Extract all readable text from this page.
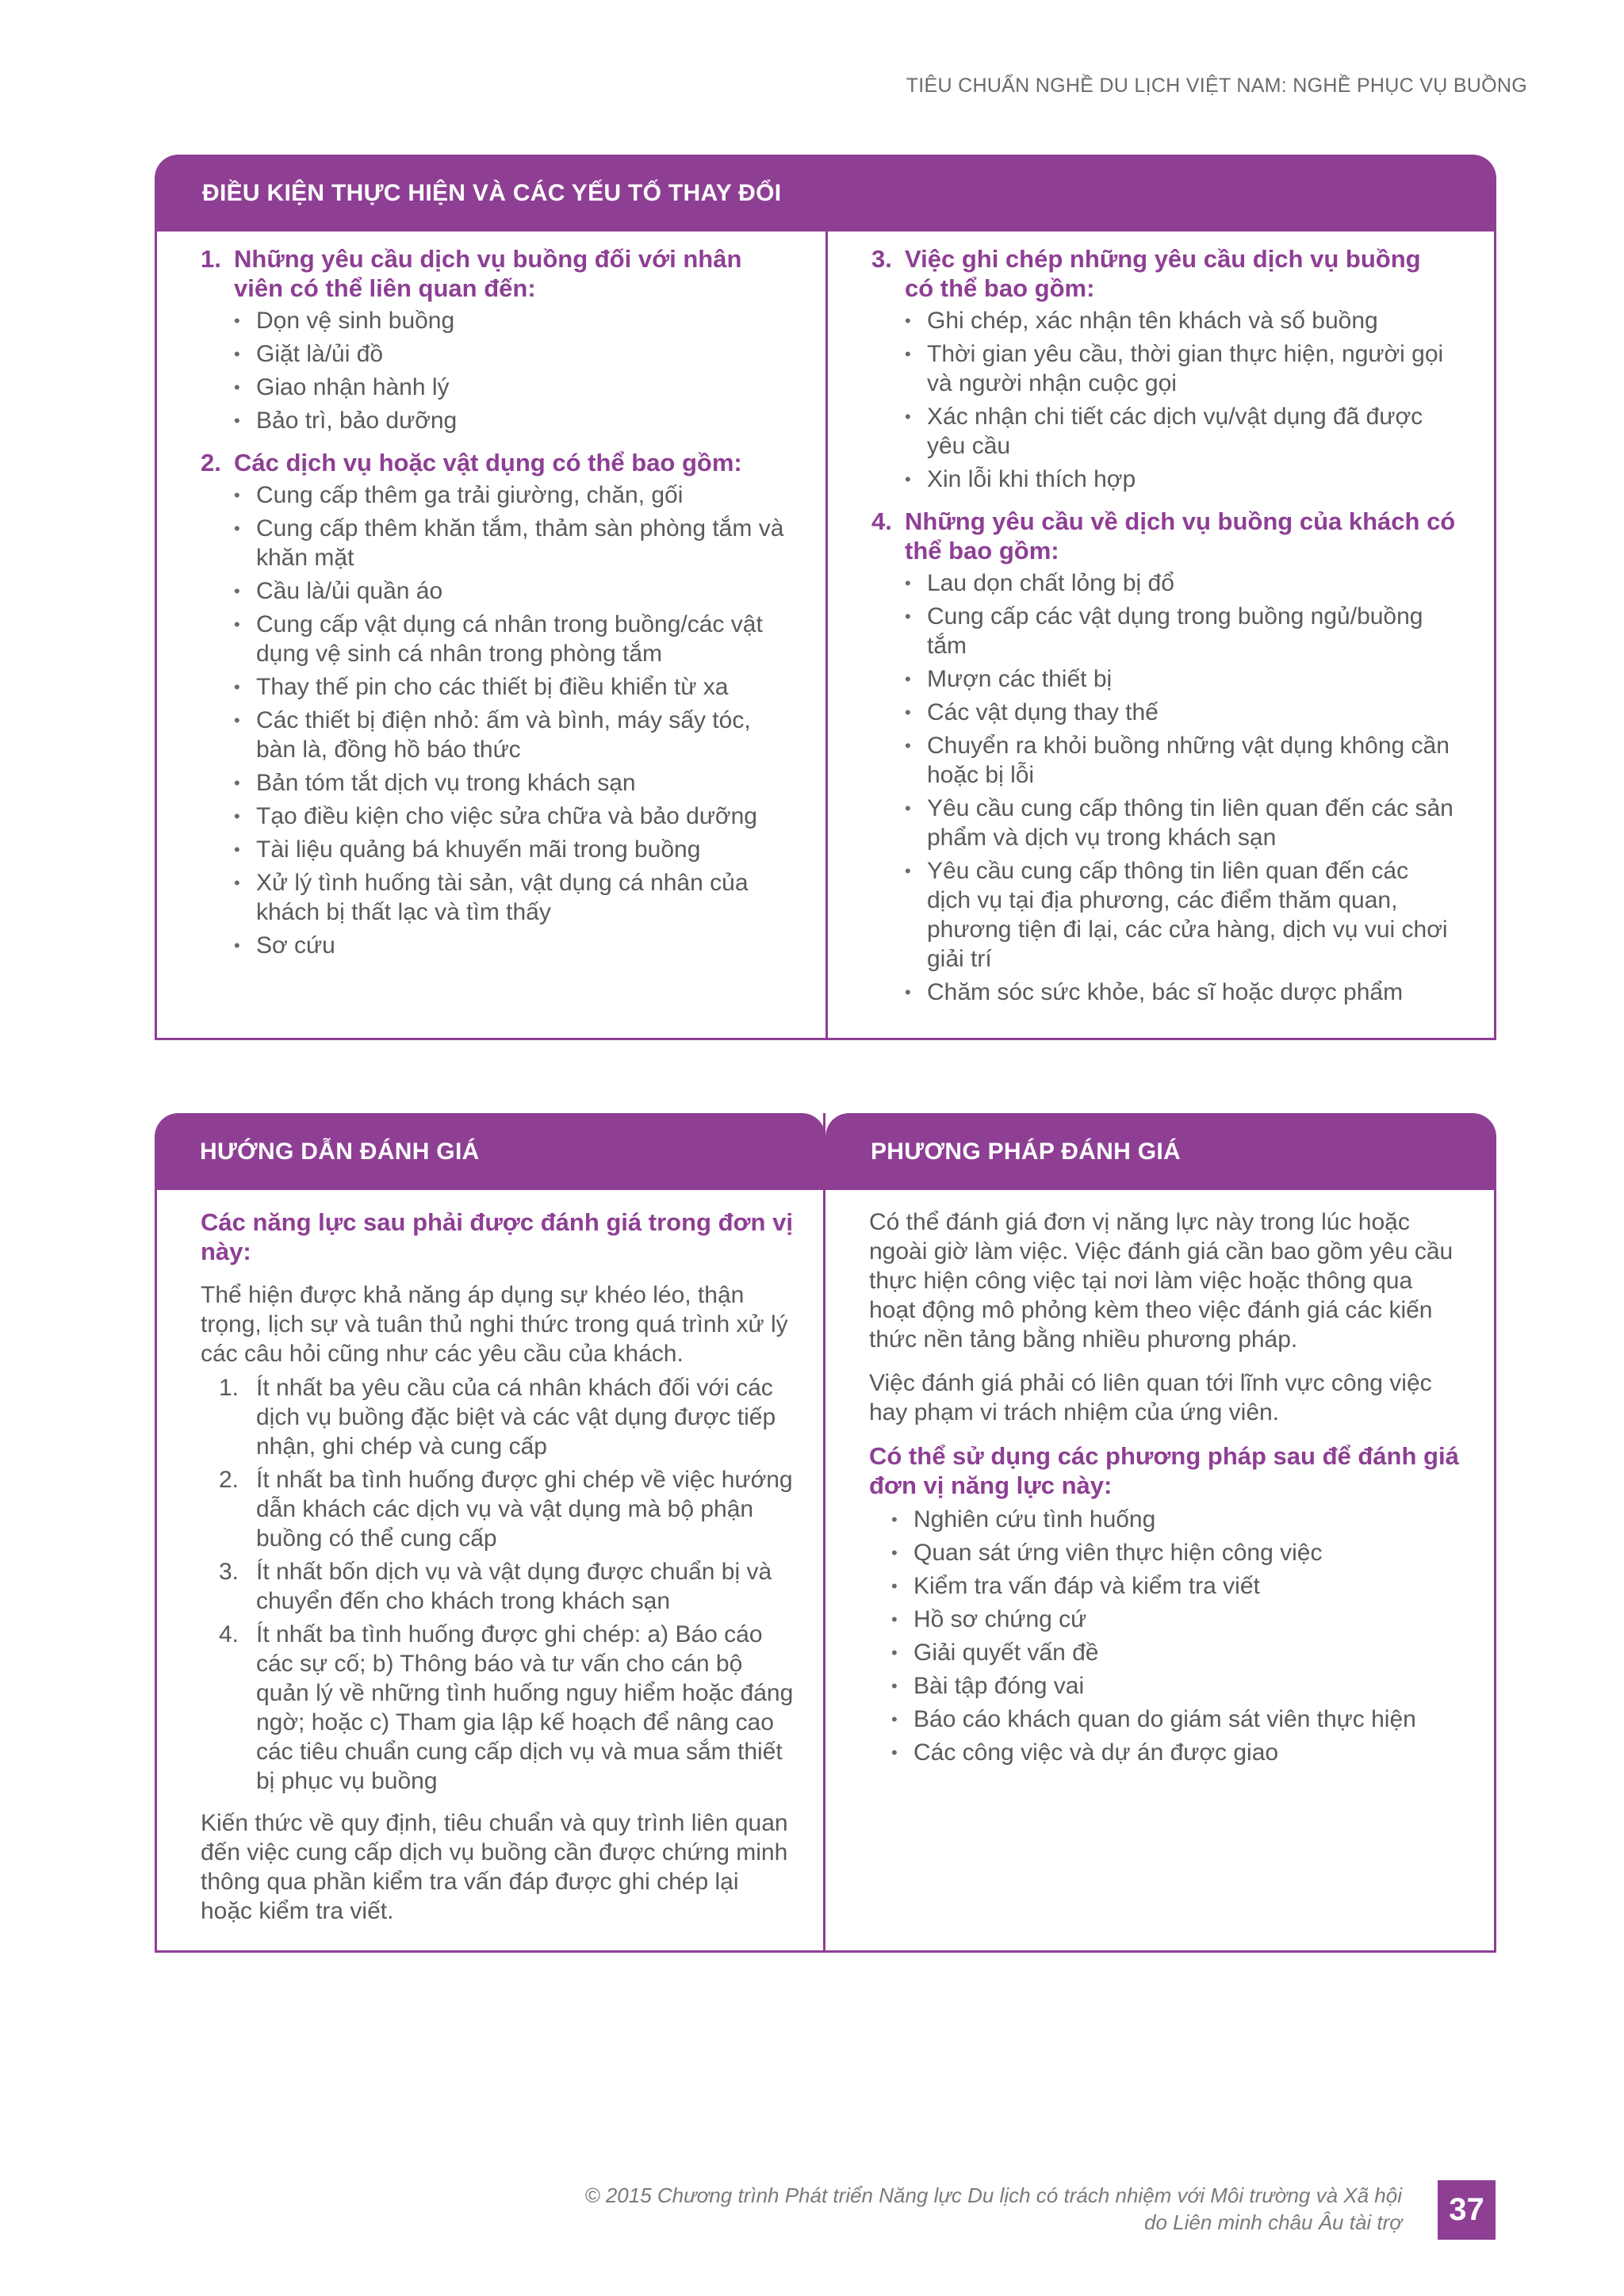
TIÊU CHUẨN NGHỀ DU LỊCH VIỆT NAM: NGHỀ PHỤC VỤ BUỒNG
ĐIỀU KIỆN THỰC HIỆN VÀ CÁC YẾU TỐ THAY ĐỔI
1. Những yêu cầu dịch vụ buồng đối với nhân viên có thể liên quan đến:
• Dọn vệ sinh buồng
• Giặt là/ủi đồ
• Giao nhận hành lý
• Bảo trì, bảo dưỡng
2. Các dịch vụ hoặc vật dụng có thể bao gồm:
• Cung cấp thêm ga trải giường, chăn, gối
• Cung cấp thêm khăn tắm, thảm sàn phòng tắm và khăn mặt
• Cầu là/ủi quần áo
• Cung cấp vật dụng cá nhân trong buồng/các vật dụng vệ sinh cá nhân trong phòng tắm
• Thay thế pin cho các thiết bị điều khiển từ xa
• Các thiết bị điện nhỏ: ấm và bình, máy sấy tóc, bàn là, đồng hồ báo thức
• Bản tóm tắt dịch vụ trong khách sạn
• Tạo điều kiện cho việc sửa chữa và bảo dưỡng
• Tài liệu quảng bá khuyến mãi trong buồng
• Xử lý tình huống tài sản, vật dụng cá nhân của khách bị thất lạc và tìm thấy
• Sơ cứu
3. Việc ghi chép những yêu cầu dịch vụ buồng có thể bao gồm:
• Ghi chép, xác nhận tên khách và số buồng
• Thời gian yêu cầu, thời gian thực hiện, người gọi và người nhận cuộc gọi
• Xác nhận chi tiết các dịch vụ/vật dụng đã được yêu cầu
• Xin lỗi khi thích hợp
4. Những yêu cầu về dịch vụ buồng của khách có thể bao gồm:
• Lau dọn chất lỏng bị đổ
• Cung cấp các vật dụng trong buồng ngủ/buồng tắm
• Mượn các thiết bị
• Các vật dụng thay thế
• Chuyển ra khỏi buồng những vật dụng không cần hoặc bị lỗi
• Yêu cầu cung cấp thông tin liên quan đến các sản phẩm và dịch vụ trong khách sạn
• Yêu cầu cung cấp thông tin liên quan đến các dịch vụ tại địa phương, các điểm thăm quan, phương tiện đi lại, các cửa hàng, dịch vụ vui chơi giải trí
• Chăm sóc sức khỏe, bác sĩ hoặc dược phẩm
HƯỚNG DẪN ĐÁNH GIÁ
Các năng lực sau phải được đánh giá trong đơn vị này:

Thể hiện được khả năng áp dụng sự khéo léo, thận trọng, lịch sự và tuân thủ nghi thức trong quá trình xử lý các câu hỏi cũng như các yêu cầu của khách.

1. Ít nhất ba yêu cầu của cá nhân khách đối với các dịch vụ buồng đặc biệt và các vật dụng được tiếp nhận, ghi chép và cung cấp
2. Ít nhất ba tình huống được ghi chép về việc hướng dẫn khách các dịch vụ và vật dụng mà bộ phận buồng có thể cung cấp
3. Ít nhất bốn dịch vụ và vật dụng được chuẩn bị và chuyển đến cho khách trong khách sạn
4. Ít nhất ba tình huống được ghi chép: a) Báo cáo các sự cố; b) Thông báo và tư vấn cho cán bộ quản lý về những tình huống nguy hiểm hoặc đáng ngờ; hoặc c) Tham gia lập kế hoạch để nâng cao các tiêu chuẩn cung cấp dịch vụ và mua sắm thiết bị phục vụ buồng

Kiến thức về quy định, tiêu chuẩn và quy trình liên quan đến việc cung cấp dịch vụ buồng cần được chứng minh thông qua phần kiểm tra vấn đáp được ghi chép lại hoặc kiểm tra viết.

PHƯƠNG PHÁP ĐÁNH GIÁ

Có thể đánh giá đơn vị năng lực này trong lúc hoặc ngoài giờ làm việc. Việc đánh giá cần bao gồm yêu cầu thực hiện công việc tại nơi làm việc hoặc thông qua hoạt động mô phỏng kèm theo việc đánh giá các kiến thức nền tảng bằng nhiều phương pháp.

Việc đánh giá phải có liên quan tới lĩnh vực công việc hay phạm vi trách nhiệm của ứng viên.

Có thể sử dụng các phương pháp sau để đánh giá đơn vị năng lực này:
• Nghiên cứu tình huống
• Quan sát ứng viên thực hiện công việc
• Kiểm tra vấn đáp và kiểm tra viết
• Hồ sơ chứng cứ
• Giải quyết vấn đề
• Bài tập đóng vai
• Báo cáo khách quan do giám sát viên thực hiện
• Các công việc và dự án được giao
© 2015 Chương trình Phát triển Năng lực Du lịch có trách nhiệm với Môi trường và Xã hội
do Liên minh châu Âu tài trợ	37
